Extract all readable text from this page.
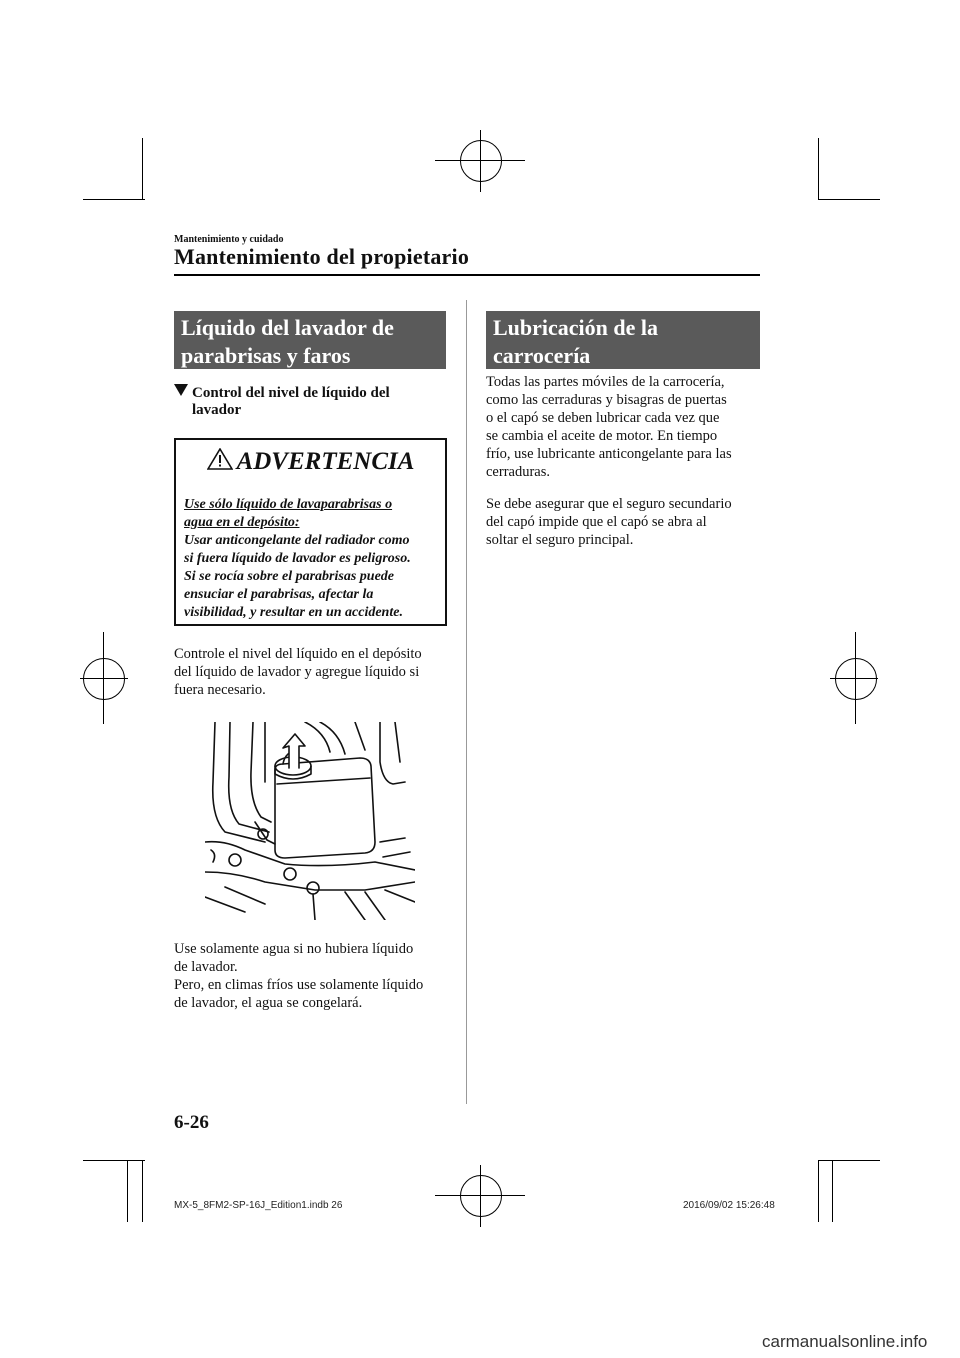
Mantenimiento y cuidado
Mantenimiento del propietario
Líquido del lavador de
parabrisas y faros
Control del nivel de líquido del
lavador
ADVERTENCIA
Use sólo líquido de lavaparabrisas o
agua en el depósito:
Usar anticongelante del radiador como
si fuera líquido de lavador es peligroso.
Si se rocía sobre el parabrisas puede
ensuciar el parabrisas, afectar la
visibilidad, y resultar en un accidente.
Controle el nivel del líquido en el depósito
del líquido de lavador y agregue líquido si
fuera necesario.
Use solamente agua si no hubiera líquido
de lavador.
Pero, en climas fríos use solamente líquido
de lavador, el agua se congelará.
Lubricación de la
carrocería
Todas las partes móviles de la carrocería,
como las cerraduras y bisagras de puertas
o el capó se deben lubricar cada vez que
se cambia el aceite de motor. En tiempo
frío, use lubricante anticongelante para las
cerraduras.
Se debe asegurar que el seguro secundario
del capó impide que el capó se abra al
soltar el seguro principal.
6-26
MX-5_8FM2-SP-16J_Edition1.indb 26	2016/09/02 15:26:48
carmanualsonline.info
